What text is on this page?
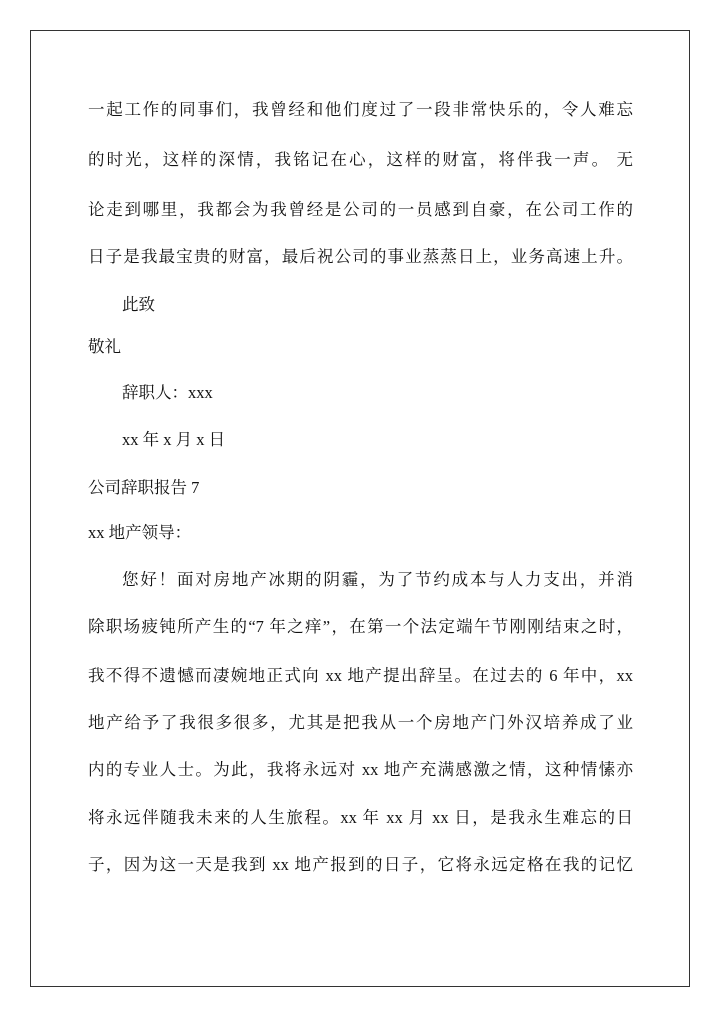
一起工作的同事们，我曾经和他们度过了一段非常快乐的，令人难忘
的时光，这样的深情，我铭记在心，这样的财富，将伴我一声。 无
论走到哪里，我都会为我曾经是公司的一员感到自豪，在公司工作的
日子是我最宝贵的财富，最后祝公司的事业蒸蒸日上，业务高速上升。
此致
敬礼
辞职人：xxx
xx 年 x 月 x 日
公司辞职报告 7
xx 地产领导：
您好！面对房地产冰期的阴霾，为了节约成本与人力支出，并消
除职场疲钝所产生的“7 年之痒”，在第一个法定端午节刚刚结束之时，
我不得不遗憾而凄婉地正式向 xx 地产提出辞呈。在过去的 6 年中，xx
地产给予了我很多很多，尤其是把我从一个房地产门外汉培养成了业
内的专业人士。为此，我将永远对 xx 地产充满感激之情，这种情愫亦
将永远伴随我未来的人生旅程。xx 年 xx 月 xx 日，是我永生难忘的日
子，因为这一天是我到 xx 地产报到的日子，它将永远定格在我的记忆
